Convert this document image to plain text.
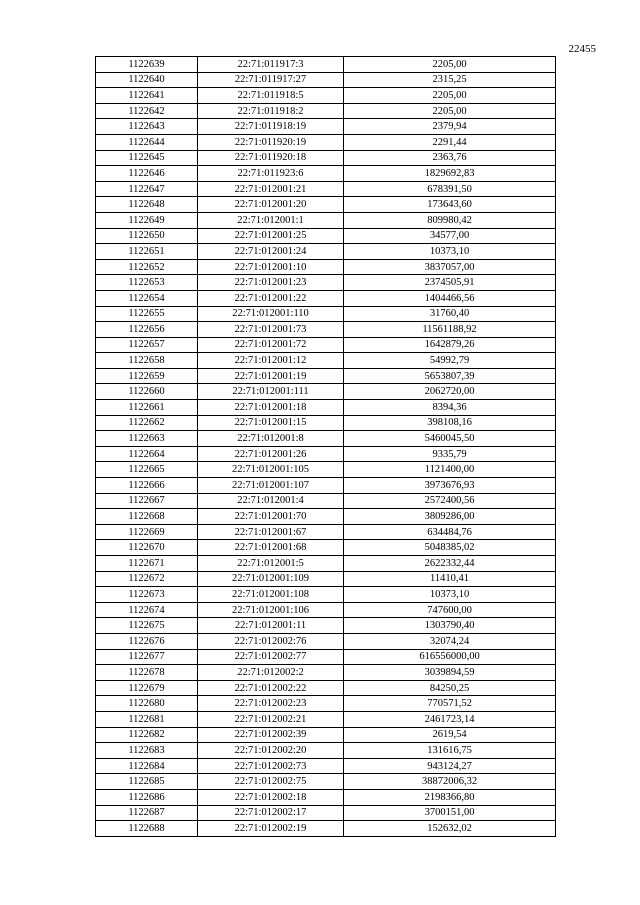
22455
1122639	22:71:011917:3	2205,00
1122640	22:71:011917:27	2315,25
1122641	22:71:011918:5	2205,00
1122642	22:71:011918:2	2205,00
1122643	22:71:011918:19	2379,94
1122644	22:71:011920:19	2291,44
1122645	22:71:011920:18	2363,76
1122646	22:71:011923:6	1829692,83
1122647	22:71:012001:21	678391,50
1122648	22:71:012001:20	173643,60
1122649	22:71:012001:1	809980,42
1122650	22:71:012001:25	34577,00
1122651	22:71:012001:24	10373,10
1122652	22:71:012001:10	3837057,00
1122653	22:71:012001:23	2374505,91
1122654	22:71:012001:22	1404466,56
1122655	22:71:012001:110	31760,40
1122656	22:71:012001:73	11561188,92
1122657	22:71:012001:72	1642879,26
1122658	22:71:012001:12	54992,79
1122659	22:71:012001:19	5653807,39
1122660	22:71:012001:111	2062720,00
1122661	22:71:012001:18	8394,36
1122662	22:71:012001:15	398108,16
1122663	22:71:012001:8	5460045,50
1122664	22:71:012001:26	9335,79
1122665	22:71:012001:105	1121400,00
1122666	22:71:012001:107	3973676,93
1122667	22:71:012001:4	2572400,56
1122668	22:71:012001:70	3809286,00
1122669	22:71:012001:67	634484,76
1122670	22:71:012001:68	5048385,02
1122671	22:71:012001:5	2622332,44
1122672	22:71:012001:109	11410,41
1122673	22:71:012001:108	10373,10
1122674	22:71:012001:106	747600,00
1122675	22:71:012001:11	1303790,40
1122676	22:71:012002:76	32074,24
1122677	22:71:012002:77	616556000,00
1122678	22:71:012002:2	3039894,59
1122679	22:71:012002:22	84250,25
1122680	22:71:012002:23	770571,52
1122681	22:71:012002:21	2461723,14
1122682	22:71:012002:39	2619,54
1122683	22:71:012002:20	131616,75
1122684	22:71:012002:73	943124,27
1122685	22:71:012002:75	38872006,32
1122686	22:71:012002:18	2198366,80
1122687	22:71:012002:17	3700151,00
1122688	22:71:012002:19	152632,02
